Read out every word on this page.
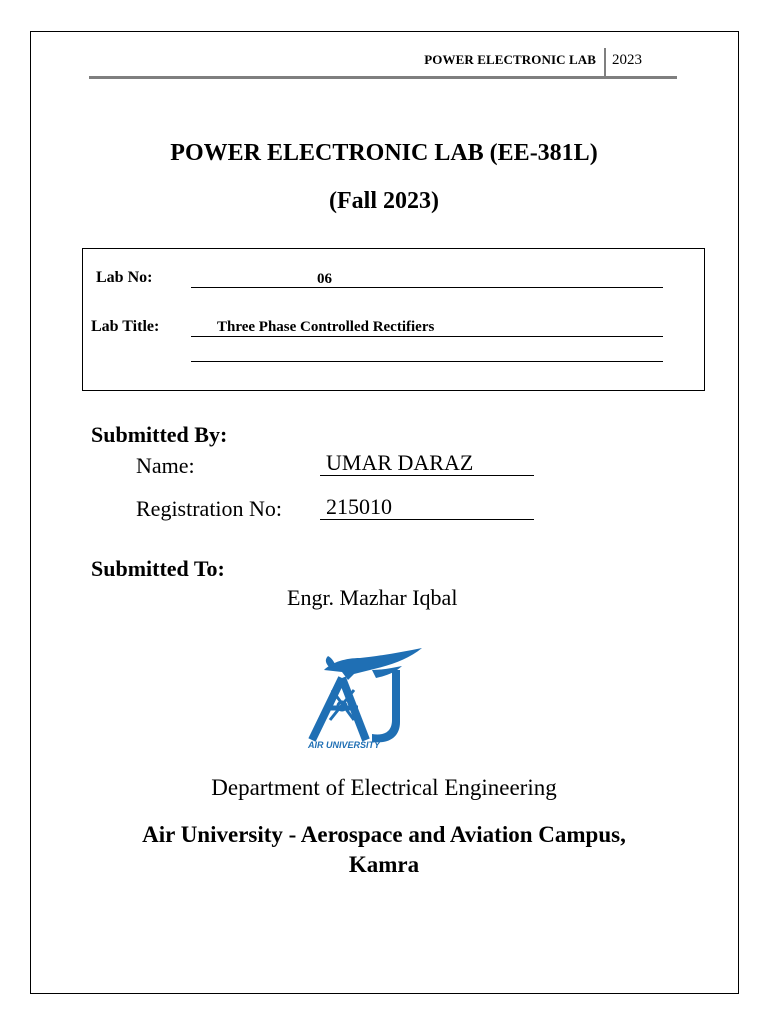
POWER ELECTRONIC LAB 2023
POWER ELECTRONIC LAB (EE-381L)
(Fall 2023)
Lab No:	06
Lab Title:	Three Phase Controlled Rectifiers
Submitted By:
Name:	UMAR DARAZ
Registration No: 215010
Submitted To:
Engr. Mazhar Iqbal
AIR UNIVERSITY
Department of Electrical Engineering
Air University - Aerospace and Aviation Campus,
Kamra
